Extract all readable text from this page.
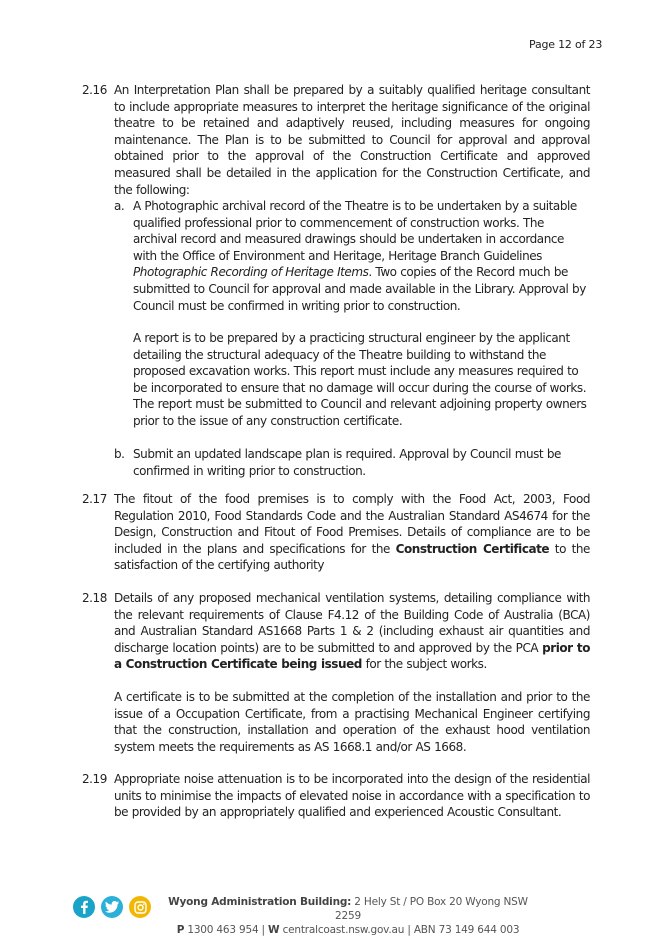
Page 12 of 23
2.16 An Interpretation Plan shall be prepared by a suitably qualified heritage consultant to include appropriate measures to interpret the heritage significance of the original theatre to be retained and adaptively reused, including measures for ongoing maintenance. The Plan is to be submitted to Council for approval and approval obtained prior to the approval of the Construction Certificate and approved measured shall be detailed in the application for the Construction Certificate, and the following:
a. A Photographic archival record of the Theatre is to be undertaken by a suitable qualified professional prior to commencement of construction works. The archival record and measured drawings should be undertaken in accordance with the Office of Environment and Heritage, Heritage Branch Guidelines Photographic Recording of Heritage Items. Two copies of the Record much be submitted to Council for approval and made available in the Library. Approval by Council must be confirmed in writing prior to construction.
A report is to be prepared by a practicing structural engineer by the applicant detailing the structural adequacy of the Theatre building to withstand the proposed excavation works. This report must include any measures required to be incorporated to ensure that no damage will occur during the course of works. The report must be submitted to Council and relevant adjoining property owners prior to the issue of any construction certificate.
b. Submit an updated landscape plan is required. Approval by Council must be confirmed in writing prior to construction.
2.17 The fitout of the food premises is to comply with the Food Act, 2003, Food Regulation 2010, Food Standards Code and the Australian Standard AS4674 for the Design, Construction and Fitout of Food Premises. Details of compliance are to be included in the plans and specifications for the Construction Certificate to the satisfaction of the certifying authority
2.18 Details of any proposed mechanical ventilation systems, detailing compliance with the relevant requirements of Clause F4.12 of the Building Code of Australia (BCA) and Australian Standard AS1668 Parts 1 & 2 (including exhaust air quantities and discharge location points) are to be submitted to and approved by the PCA prior to a Construction Certificate being issued for the subject works.
A certificate is to be submitted at the completion of the installation and prior to the issue of a Occupation Certificate, from a practising Mechanical Engineer certifying that the construction, installation and operation of the exhaust hood ventilation system meets the requirements as AS 1668.1 and/or AS 1668.
2.19 Appropriate noise attenuation is to be incorporated into the design of the residential units to minimise the impacts of elevated noise in accordance with a specification to be provided by an appropriately qualified and experienced Acoustic Consultant.
Wyong Administration Building: 2 Hely St / PO Box 20 Wyong NSW 2259
P 1300 463 954 | W centralcoast.nsw.gov.au | ABN 73 149 644 003
